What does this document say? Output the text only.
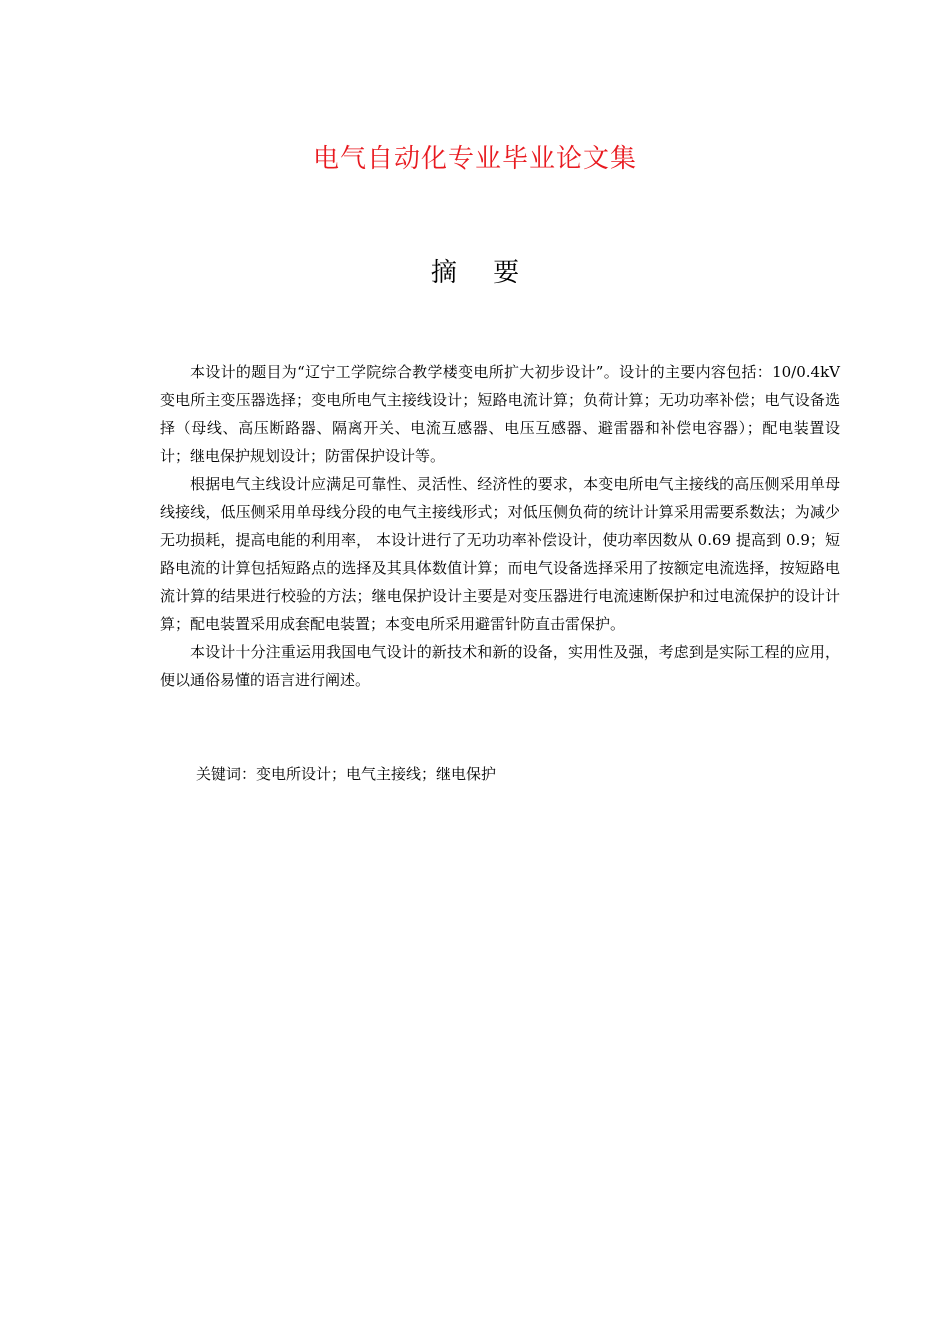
电气自动化专业毕业论文集
摘 要

本设计的题目为“辽宁工学院综合教学楼变电所扩大初步设计”。设计的主要内容包括：10/0.4kV 变电所主变压器选择；变电所电气主接线设计；短路电流计算；负荷计算；无功功率补偿；电气设备选择（母线、高压断路器、隔离开关、电流互感器、电压互感器、避雷器和补偿电容器）；配电装置设计；继电保护规划设计；防雷保护设计等。

根据电气主线设计应满足可靠性、灵活性、经济性的要求，本变电所电气主接线的高压侧采用单母线接线，低压侧采用单母线分段的电气主接线形式；对低压侧负荷的统计计算采用需要系数法；为减少无功损耗，提高电能的利用率， 本设计进行了无功功率补偿设计，使功率因数从 0.69 提高到 0.9；短路电流的计算包括短路点的选择及其具体数值计算；而电气设备选择采用了按额定电流选择，按短路电流计算的结果进行校验的方法；继电保护设计主要是对变压器进行电流速断保护和过电流保护的设计计算；配电装置采用成套配电装置；本变电所采用避雷针防直击雷保护。

本设计十分注重运用我国电气设计的新技术和新的设备，实用性及强，考虑到是实际工程的应用，便以通俗易懂的语言进行阐述。

关键词：变电所设计；电气主接线；继电保护
